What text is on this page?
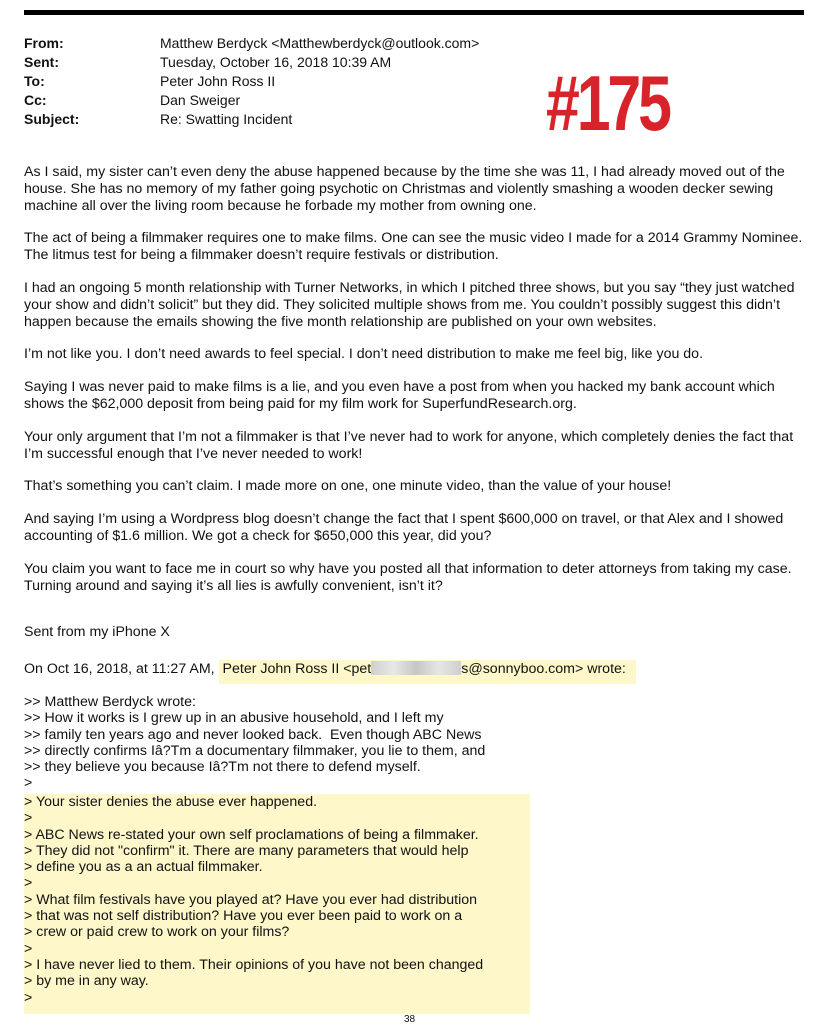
From:	Matthew Berdyck <Matthewberdyck@outlook.com>
Sent:	Tuesday, October 16, 2018 10:39 AM
To:	Peter John Ross II
Cc:	Dan Sweiger
Subject:	Re: Swatting Incident	#175

As I said, my sister can’t even deny the abuse happened because by the time she was 11, I had already moved out of the house. She has no memory of my father going psychotic on Christmas and violently smashing a wooden decker sewing machine all over the living room because he forbade my mother from owning one.

The act of being a filmmaker requires one to make films. One can see the music video I made for a 2014 Grammy Nominee. The litmus test for being a filmmaker doesn’t require festivals or distribution.

I had an ongoing 5 month relationship with Turner Networks, in which I pitched three shows, but you say “they just watched your show and didn’t solicit” but they did. They solicited multiple shows from me. You couldn’t possibly suggest this didn’t happen because the emails showing the five month relationship are published on your own websites.

I’m not like you. I don’t need awards to feel special. I don’t need distribution to make me feel big, like you do.

Saying I was never paid to make films is a lie, and you even have a post from when you hacked my bank account which shows the $62,000 deposit from being paid for my film work for SuperfundResearch.org.

Your only argument that I’m not a filmmaker is that I’ve never had to work for anyone, which completely denies the fact that I’m successful enough that I’ve never needed to work!

That’s something you can’t claim. I made more on one, one minute video, than the value of your house!

And saying I’m using a Wordpress blog doesn’t change the fact that I spent $600,000 on travel, or that Alex and I showed accounting of $1.6 million. We got a check for $650,000 this year, did you?

You claim you want to face me in court so why have you posted all that information to deter attorneys from taking my case. Turning around and saying it’s all lies is awfully convenient, isn’t it?

Sent from my iPhone X

On Oct 16, 2018, at 11:27 AM, Peter John Ross II <pet	s@sonnyboo.com> wrote:
>> Matthew Berdyck wrote:
>> How it works is I grew up in an abusive household, and I left my
>> family ten years ago and never looked back.  Even though ABC News
>> directly confirms Iâ?Tm a documentary filmmaker, you lie to them, and
>> they believe you because Iâ?Tm not there to defend myself.
>
> Your sister denies the abuse ever happened.
>
> ABC News re-stated your own self proclamations of being a filmmaker.
> They did not "confirm" it. There are many parameters that would help
> define you as a an actual filmmaker.
>
> What film festivals have you played at? Have you ever had distribution
> that was not self distribution? Have you ever been paid to work on a
> crew or paid crew to work on your films?
>
> I have never lied to them. Their opinions of you have not been changed
> by me in any way.
>
38
